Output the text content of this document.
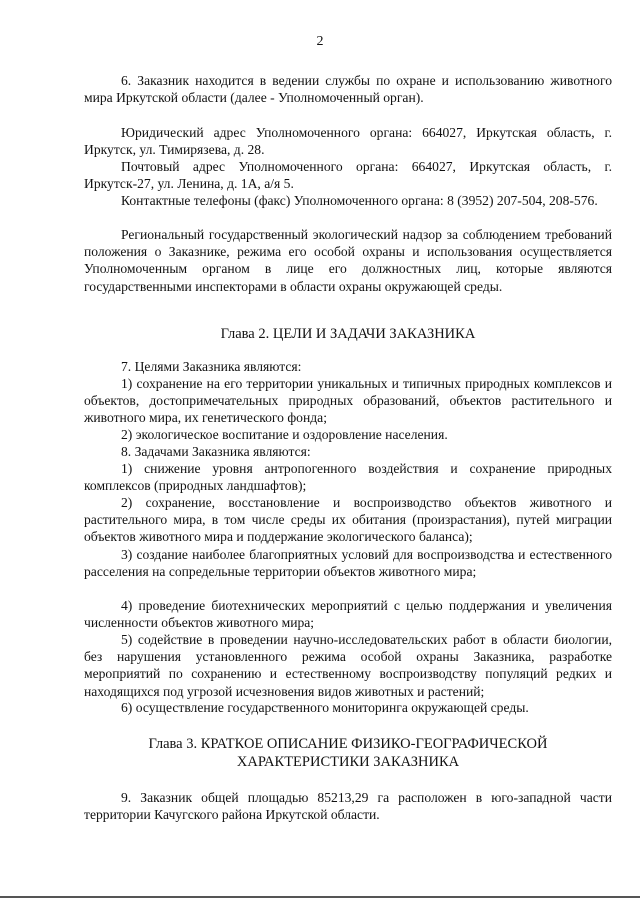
2

6. Заказник находится в ведении службы по охране и использованию животного мира Иркутской области (далее - Уполномоченный орган).

Юридический адрес Уполномоченного органа: 664027, Иркутская область, г. Иркутск, ул. Тимирязева, д. 28.

Почтовый адрес Уполномоченного органа: 664027, Иркутская область, г. Иркутск-27, ул. Ленина, д. 1А, а/я 5.

Контактные телефоны (факс) Уполномоченного органа: 8 (3952) 207-504, 208-576.

Региональный государственный экологический надзор за соблюдением требований положения о Заказнике, режима его особой охраны и использования осуществляется Уполномоченным органом в лице его должностных лиц, которые являются государственными инспекторами в области охраны окружающей среды.

Глава 2. ЦЕЛИ И ЗАДАЧИ ЗАКАЗНИКА

7. Целями Заказника являются:

1) сохранение на его территории уникальных и типичных природных комплексов и объектов, достопримечательных природных образований, объектов растительного и животного мира, их генетического фонда;

2) экологическое воспитание и оздоровление населения.

8. Задачами Заказника являются:

1) снижение уровня антропогенного воздействия и сохранение природных комплексов (природных ландшафтов);

2) сохранение, восстановление и воспроизводство объектов животного и растительного мира, в том числе среды их обитания (произрастания), путей миграции объектов животного мира и поддержание экологического баланса);

3) создание наиболее благоприятных условий для воспроизводства и естественного расселения на сопредельные территории объектов животного мира;

4) проведение биотехнических мероприятий с целью поддержания и увеличения численности объектов животного мира;

5) содействие в проведении научно-исследовательских работ в области биологии, без нарушения установленного режима особой охраны Заказника, разработке мероприятий по сохранению и естественному воспроизводству популяций редких и находящихся под угрозой исчезновения видов животных и растений;

6) осуществление государственного мониторинга окружающей среды.

Глава 3. КРАТКОЕ ОПИСАНИЕ ФИЗИКО-ГЕОГРАФИЧЕСКОЙ
ХАРАКТЕРИСТИКИ ЗАКАЗНИКА

9. Заказник общей площадью 85213,29 га расположен в юго-западной части территории Качугского района Иркутской области.
